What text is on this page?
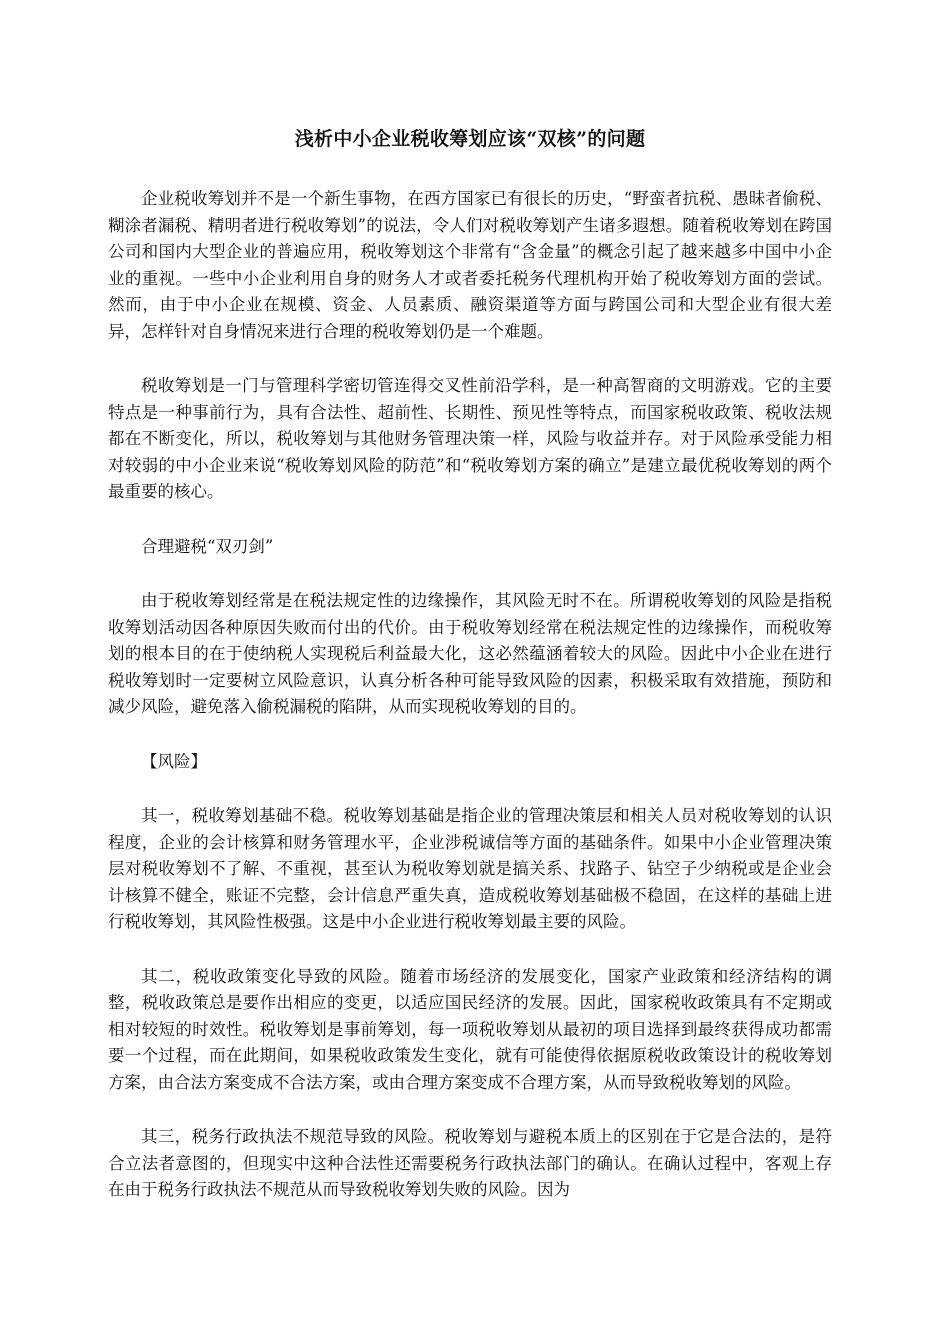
浅析中小企业税收筹划应该“双核”的问题

企业税收筹划并不是一个新生事物，在西方国家已有很长的历史，“野蛮者抗税、愚昧者偷税、糊涂者漏税、精明者进行税收筹划”的说法，令人们对税收筹划产生诸多遐想。随着税收筹划在跨国公司和国内大型企业的普遍应用，税收筹划这个非常有“含金量”的概念引起了越来越多中国中小企业的重视。一些中小企业利用自身的财务人才或者委托税务代理机构开始了税收筹划方面的尝试。然而，由于中小企业在规模、资金、人员素质、融资渠道等方面与跨国公司和大型企业有很大差异，怎样针对自身情况来进行合理的税收筹划仍是一个难题。

税收筹划是一门与管理科学密切管连得交叉性前沿学科，是一种高智商的文明游戏。它的主要特点是一种事前行为，具有合法性、超前性、长期性、预见性等特点，而国家税收政策、税收法规都在不断变化，所以，税收筹划与其他财务管理决策一样，风险与收益并存。对于风险承受能力相对较弱的中小企业来说“税收筹划风险的防范”和“税收筹划方案的确立”是建立最优税收筹划的两个最重要的核心。

合理避税“双刃剑”

由于税收筹划经常是在税法规定性的边缘操作，其风险无时不在。所谓税收筹划的风险是指税收筹划活动因各种原因失败而付出的代价。由于税收筹划经常在税法规定性的边缘操作，而税收筹划的根本目的在于使纳税人实现税后利益最大化，这必然蕴涵着较大的风险。因此中小企业在进行税收筹划时一定要树立风险意识，认真分析各种可能导致风险的因素，积极采取有效措施，预防和减少风险，避免落入偷税漏税的陷阱，从而实现税收筹划的目的。

【风险】

其一，税收筹划基础不稳。税收筹划基础是指企业的管理决策层和相关人员对税收筹划的认识程度，企业的会计核算和财务管理水平，企业涉税诚信等方面的基础条件。如果中小企业管理决策层对税收筹划不了解、不重视，甚至认为税收筹划就是搞关系、找路子、钻空子少纳税或是企业会计核算不健全，账证不完整，会计信息严重失真，造成税收筹划基础极不稳固，在这样的基础上进行税收筹划，其风险性极强。这是中小企业进行税收筹划最主要的风险。

其二，税收政策变化导致的风险。随着市场经济的发展变化，国家产业政策和经济结构的调整，税收政策总是要作出相应的变更，以适应国民经济的发展。因此，国家税收政策具有不定期或相对较短的时效性。税收筹划是事前筹划，每一项税收筹划从最初的项目选择到最终获得成功都需要一个过程，而在此期间，如果税收政策发生变化，就有可能使得依据原税收政策设计的税收筹划方案，由合法方案变成不合法方案，或由合理方案变成不合理方案，从而导致税收筹划的风险。

其三，税务行政执法不规范导致的风险。税收筹划与避税本质上的区别在于它是合法的，是符合立法者意图的，但现实中这种合法性还需要税务行政执法部门的确认。在确认过程中，客观上存在由于税务行政执法不规范从而导致税收筹划失败的风险。因为
